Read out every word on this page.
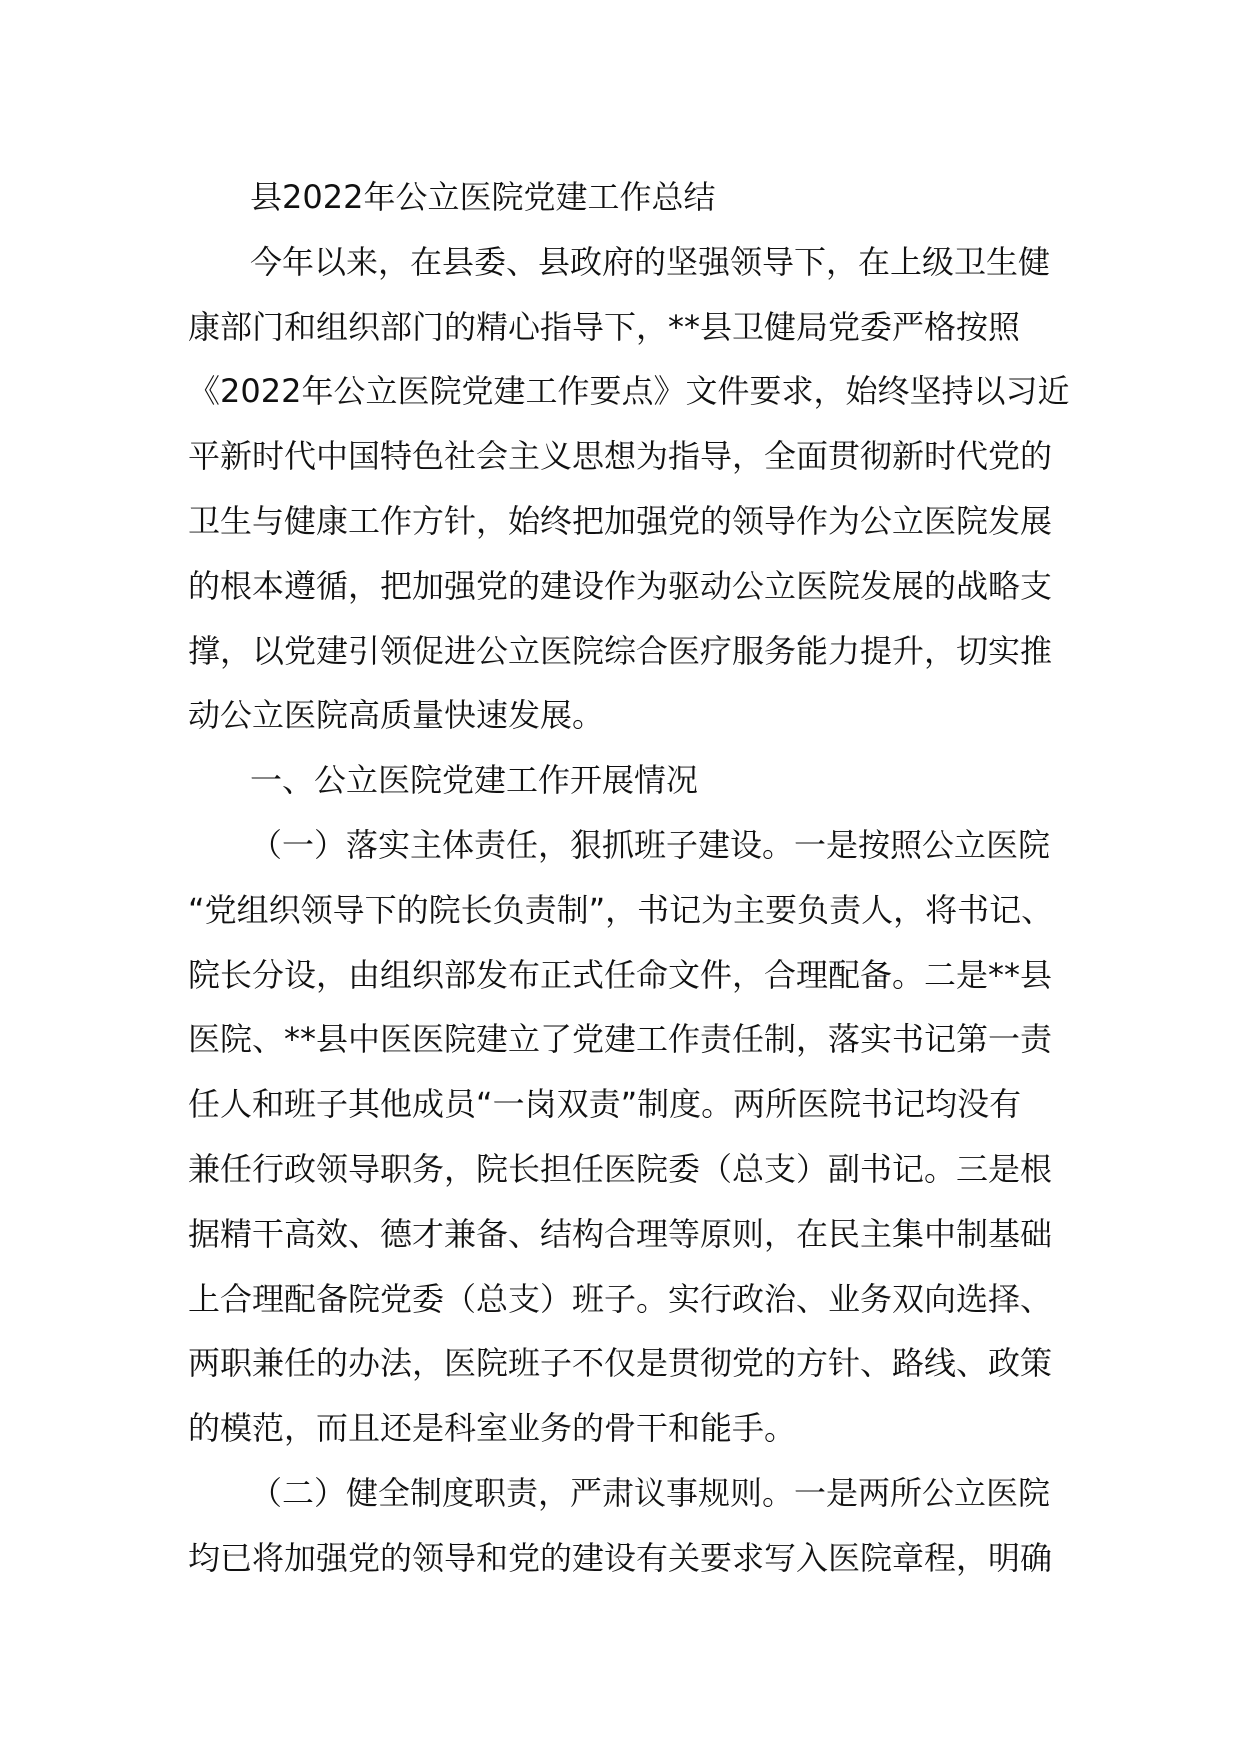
县2022年公立医院党建工作总结
今年以来，在县委、县政府的坚强领导下，在上级卫生健
康部门和组织部门的精心指导下，**县卫健局党委严格按照
《2022年公立医院党建工作要点》文件要求，始终坚持以习近
平新时代中国特色社会主义思想为指导，全面贯彻新时代党的
卫生与健康工作方针，始终把加强党的领导作为公立医院发展
的根本遵循，把加强党的建设作为驱动公立医院发展的战略支
撑，以党建引领促进公立医院综合医疗服务能力提升，切实推
动公立医院高质量快速发展。
一、公立医院党建工作开展情况
（一）落实主体责任，狠抓班子建设。一是按照公立医院
“党组织领导下的院长负责制”，书记为主要负责人，将书记、
院长分设，由组织部发布正式任命文件，合理配备。二是**县
医院、**县中医医院建立了党建工作责任制，落实书记第一责
任人和班子其他成员“一岗双责”制度。两所医院书记均没有
兼任行政领导职务，院长担任医院委（总支）副书记。三是根
据精干高效、德才兼备、结构合理等原则，在民主集中制基础
上合理配备院党委（总支）班子。实行政治、业务双向选择、
两职兼任的办法，医院班子不仅是贯彻党的方针、路线、政策
的模范，而且还是科室业务的骨干和能手。
（二）健全制度职责，严肃议事规则。一是两所公立医院
均已将加强党的领导和党的建设有关要求写入医院章程，明确
